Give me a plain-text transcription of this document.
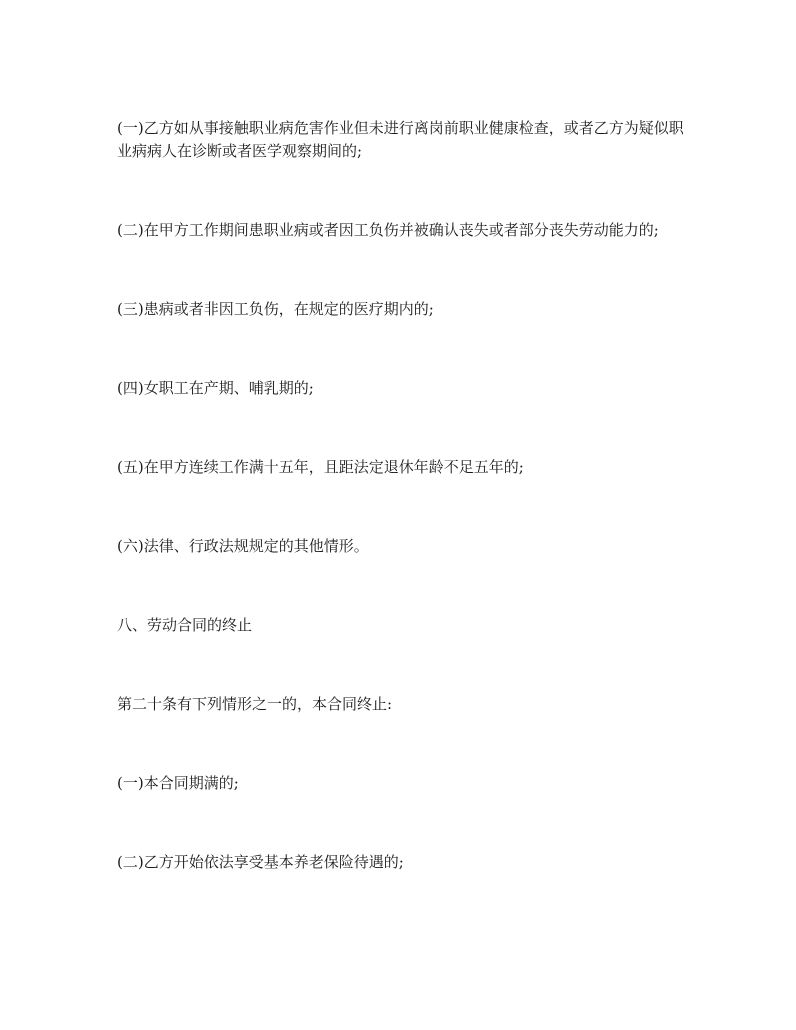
(一)乙方如从事接触职业病危害作业但未进行离岗前职业健康检查，或者乙方为疑似职业病病人在诊断或者医学观察期间的;

(二)在甲方工作期间患职业病或者因工负伤并被确认丧失或者部分丧失劳动能力的;

(三)患病或者非因工负伤，在规定的医疗期内的;

(四)女职工在产期、哺乳期的;

(五)在甲方连续工作满十五年，且距法定退休年龄不足五年的;

(六)法律、行政法规规定的其他情形。

八、劳动合同的终止

第二十条有下列情形之一的，本合同终止:

(一)本合同期满的;

(二)乙方开始依法享受基本养老保险待遇的;
